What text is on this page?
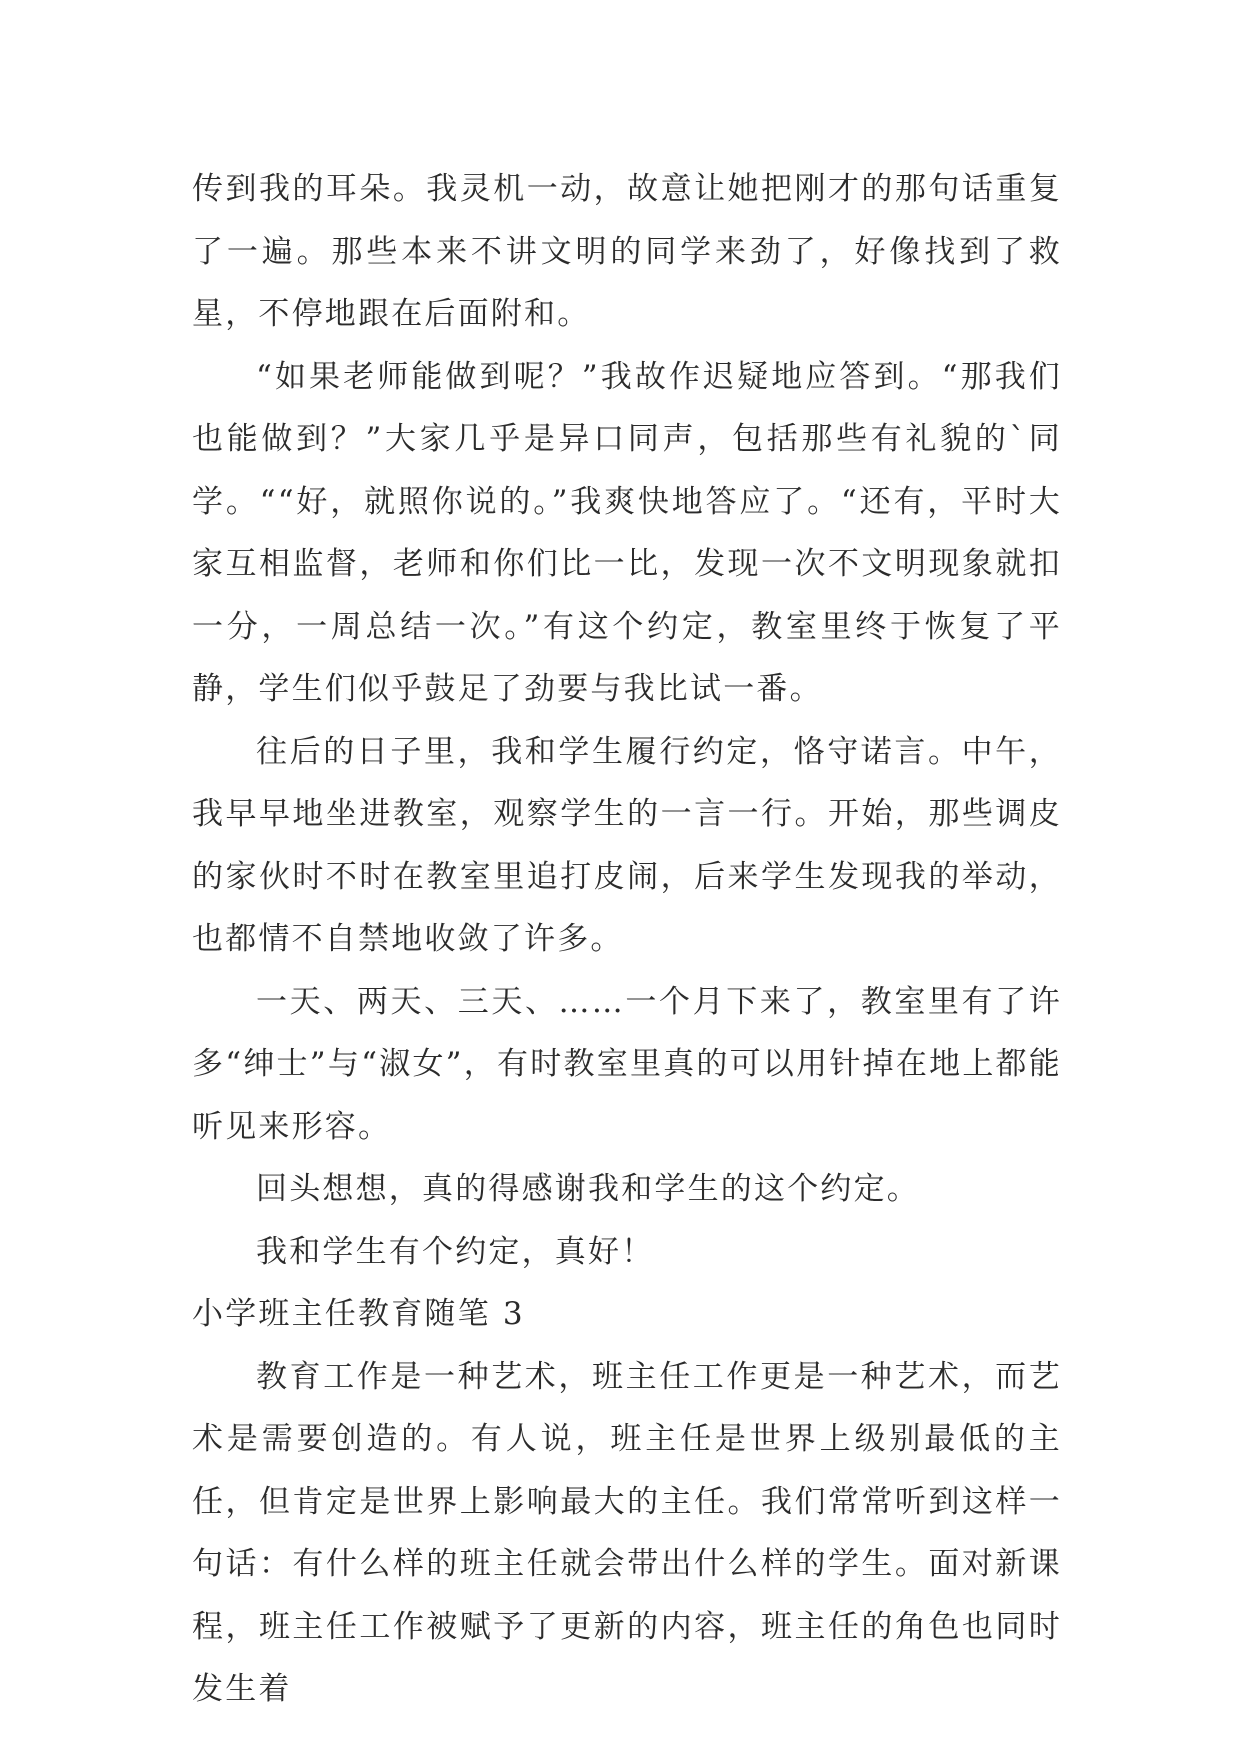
传到我的耳朵。我灵机一动，故意让她把刚才的那句话重复了一遍。那些本来不讲文明的同学来劲了，好像找到了救星，不停地跟在后面附和。

“如果老师能做到呢？”我故作迟疑地应答到。“那我们也能做到？”大家几乎是异口同声，包括那些有礼貌的`同学。““好，就照你说的。”我爽快地答应了。“还有，平时大家互相监督，老师和你们比一比，发现一次不文明现象就扣一分，一周总结一次。”有这个约定，教室里终于恢复了平静，学生们似乎鼓足了劲要与我比试一番。

往后的日子里，我和学生履行约定，恪守诺言。中午，我早早地坐进教室，观察学生的一言一行。开始，那些调皮的家伙时不时在教室里追打皮闹，后来学生发现我的举动，也都情不自禁地收敛了许多。

一天、两天、三天、……一个月下来了，教室里有了许多“绅士”与“淑女”，有时教室里真的可以用针掉在地上都能听见来形容。

回头想想，真的得感谢我和学生的这个约定。

我和学生有个约定，真好！

小学班主任教育随笔 3

教育工作是一种艺术，班主任工作更是一种艺术，而艺术是需要创造的。有人说，班主任是世界上级别最低的主任，但肯定是世界上影响最大的主任。我们常常听到这样一句话：有什么样的班主任就会带出什么样的学生。面对新课程，班主任工作被赋予了更新的内容，班主任的角色也同时发生着
